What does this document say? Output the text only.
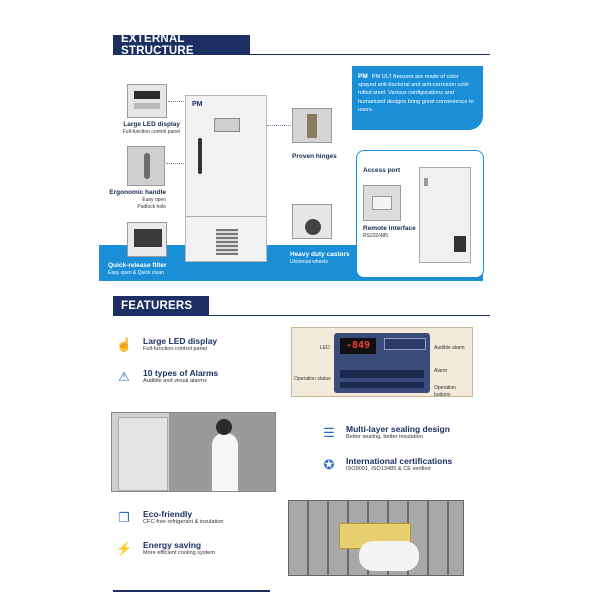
EXTERNAL STRUCTURE
Large LED display
Full-function control panel
Ergonomic handle
Easy open
Padlock hole
Quick-release filter
Easy open & Quick clean
PM
Proven hinges
Heavy duty castors
Universal wheels
PM PM ULT freezers are made of color spayed anti-bacterial and anti-corrosion cold-rolled steel. Various configurations and humanized designs bring great convenience to users.
Access port
Remote interface
RS232/485
USB interface
Power on/off
FEATURERS
☝ Large LED display
Full-function control panel
⚠ 10 types of Alarms
Audible and visual alarms
-849
LED
Operation status
Audible alarm
Alarm
Operation buttons
☰ Multi-layer sealing design
Better sealing, better insulation
✪ International certifications
ISO9001, ISO13485 & CE verified
❐ Eco-friendly
CFC-free refrigerant & insulation
⚡ Energy saving
More efficient cooling system
